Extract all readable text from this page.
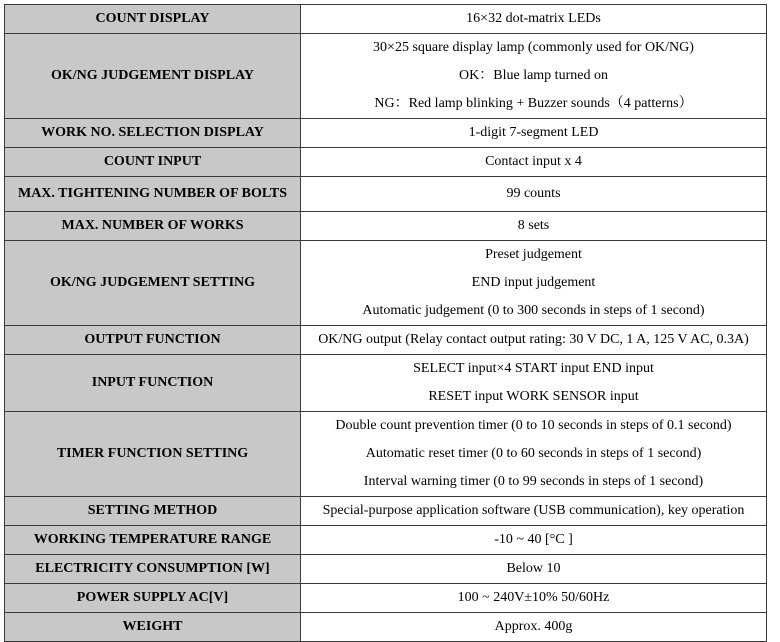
COUNT DISPLAY	16×32 dot-matrix LEDs

OK/NG JUDGEMENT DISPLAY	30×25 square display lamp (commonly used for OK/NG)
OK：Blue lamp turned on
NG：Red lamp blinking + Buzzer sounds（4 patterns）

WORK NO. SELECTION DISPLAY	1-digit 7-segment LED

COUNT INPUT	Contact input x 4

MAX. TIGHTENING NUMBER OF BOLTS	99 counts

MAX. NUMBER OF WORKS	8 sets

OK/NG JUDGEMENT SETTING	Preset judgement
END input judgement
Automatic judgement (0 to 300 seconds in steps of 1 second)

OUTPUT FUNCTION	OK/NG output (Relay contact output rating: 30 V DC, 1 A, 125 V AC, 0.3A)

INPUT FUNCTION	SELECT input×4 START input END input
RESET input WORK SENSOR input

TIMER FUNCTION SETTING	Double count prevention timer (0 to 10 seconds in steps of 0.1 second)
Automatic reset timer (0 to 60 seconds in steps of 1 second)
Interval warning timer (0 to 99 seconds in steps of 1 second)

SETTING METHOD	Special-purpose application software (USB communication), key operation

WORKING TEMPERATURE RANGE	-10 ~ 40 [°C ]

ELECTRICITY CONSUMPTION [W]	Below 10

POWER SUPPLY AC[V]	100 ~ 240V±10% 50/60Hz

WEIGHT	Approx. 400g
